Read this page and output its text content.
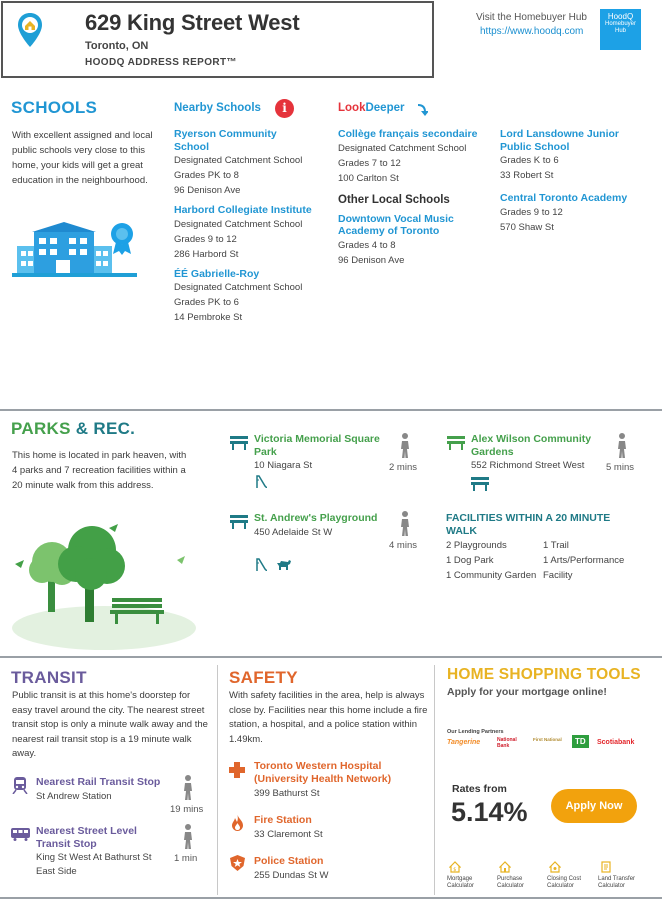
629 King Street West
Toronto, ON
HOODQ ADDRESS REPORT™
Visit the Homebuyer Hub
https://www.hoodq.com
HoodQ
Homebuyer
Hub
SCHOOLS
With excellent assigned and local public schools very close to this home, your kids will get a great education in the neighbourhood.
Nearby Schools	i	LookDeeper
Ryerson Community School
Designated Catchment School
Grades PK to 8
96 Denison Ave
Harbord Collegiate Institute
Designated Catchment School
Grades 9 to 12
286 Harbord St
ÉÉ Gabrielle-Roy
Designated Catchment School
Grades PK to 6
14 Pembroke St
Collège français secondaire
Designated Catchment School
Grades 7 to 12
100 Carlton St
Other Local Schools
Downtown Vocal Music Academy of Toronto
Grades 4 to 8
96 Denison Ave
Lord Lansdowne Junior Public School
Grades K to 6
33 Robert St
Central Toronto Academy
Grades 9 to 12
570 Shaw St
PARKS & REC.
This home is located in park heaven, with 4 parks and 7 recreation facilities within a 20 minute walk from this address.
Victoria Memorial Square Park
10 Niagara St	2 mins
Alex Wilson Community Gardens
552 Richmond Street West	5 mins
St. Andrew's Playground
450 Adelaide St W
4 mins
FACILITIES WITHIN A 20 MINUTE WALK
2 Playgrounds
1 Dog Park
1 Community Garden
1 Trail
1 Arts/Performance Facility
TRANSIT
Public transit is at this home's doorstep for easy travel around the city. The nearest street transit stop is only a minute walk away and the nearest rail transit stop is a 19 minute walk away.
Nearest Rail Transit Stop
St Andrew Station
19 mins
Nearest Street Level Transit Stop
King St West At Bathurst St East Side
1 min
SAFETY
With safety facilities in the area, help is always close by. Facilities near this home include a fire station, a hospital, and a police station within 1.49km.
Toronto Western Hospital (University Health Network)
399 Bathurst St
Fire Station
33 Claremont St
Police Station
255 Dundas St W
HOME SHOPPING TOOLS
Apply for your mortgage online!
Our Lending Partners
Tangerine	National Bank
First National	TD	Scotiabank
Rates from
5.14%	Apply Now
$
Mortgage
Calculator
Purchase
Calculator
Closing Cost
Calculator
Land Transfer
Calculator
